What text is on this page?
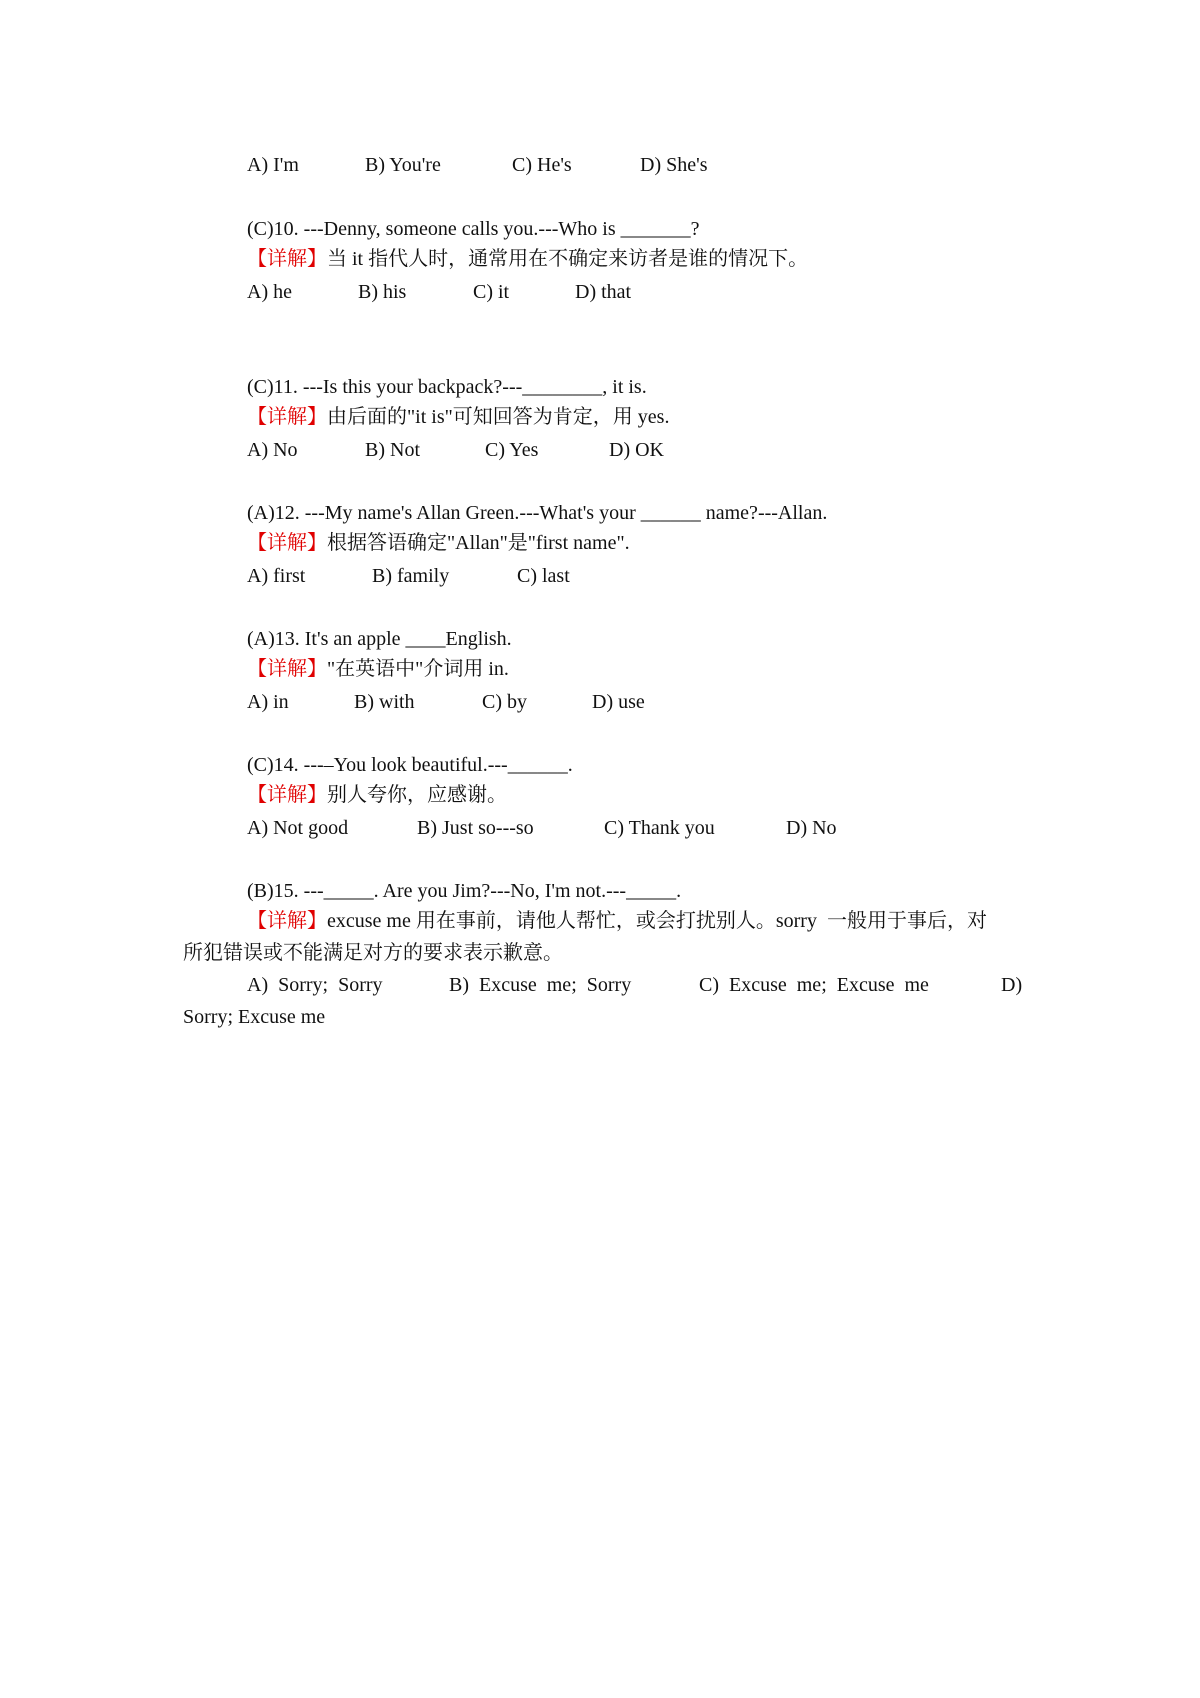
A) I'm

	B) You're

	C) He's

	D) She's

(C)10. ---Denny, someone calls you.---Who is _______?
【详解】当 it 指代人时，通常用在不确定来访者是谁的情况下。

A) he

	B) his

	C) it

	D) that

(C)11. ---Is this your backpack?---________, it is.
【详解】由后面的"it is"可知回答为肯定，用 yes.

A) No

	B) Not

	C) Yes

	D) OK

(A)12. ---My name's Allan Green.---What's your ______ name?---Allan.
【详解】根据答语确定"Allan"是"first name".

A) first

	B) family

	C) last

(A)13. It's an apple ____English.
【详解】"在英语中"介词用 in.

A) in

	B) with

	C) by

	D) use

(C)14. ---–You look beautiful.---______.
【详解】别人夸你，应感谢。

A) Not good

	B) Just so---so

	C) Thank you

	D) No

(B)15. ---_____. Are you Jim?---No, I'm not.---_____.
【详解】excuse me 用在事前，请他人帮忙，或会打扰别人。sorry  一般用于事后，对
所犯错误或不能满足对方的要求表示歉意。

A)  Sorry;  Sorry

	B)  Excuse  me;  Sorry

	C)  Excuse  me;  Excuse  me

	D)

Sorry; Excuse me
